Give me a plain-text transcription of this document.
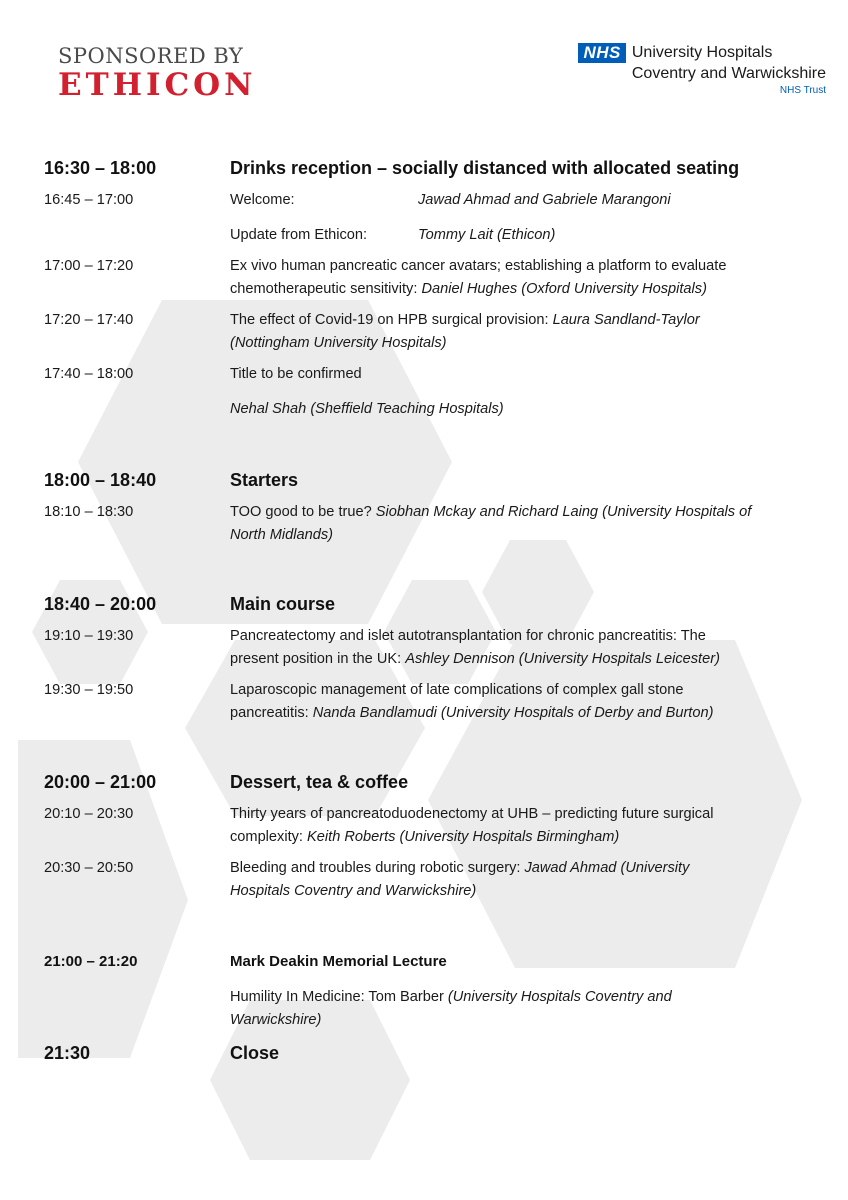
SPONSORED BY
ETHICON
NHS University Hospitals
Coventry and Warwickshire
NHS Trust
16:30 – 18:00	Drinks reception – socially distanced with allocated seating
16:45 – 17:00	Welcome:	Jawad Ahmad and Gabriele Marangoni
Update from Ethicon:	Tommy Lait (Ethicon)
17:00 – 17:20	Ex vivo human pancreatic cancer avatars; establishing a platform to evaluate
chemotherapeutic sensitivity: Daniel Hughes (Oxford University Hospitals)
17:20 – 17:40	The effect of Covid-19 on HPB surgical provision: Laura Sandland-Taylor
(Nottingham University Hospitals)
17:40 – 18:00	Title to be confirmed
Nehal Shah (Sheffield Teaching Hospitals)
18:00 – 18:40	Starters
18:10 – 18:30	TOO good to be true? Siobhan Mckay and Richard Laing (University Hospitals of
North Midlands)
18:40 – 20:00	Main course
19:10 – 19:30	Pancreatectomy and islet autotransplantation for chronic pancreatitis: The
present position in the UK: Ashley Dennison (University Hospitals Leicester)
19:30 – 19:50	Laparoscopic management of late complications of complex gall stone
pancreatitis: Nanda Bandlamudi (University Hospitals of Derby and Burton)
20:00 – 21:00	Dessert, tea & coffee
20:10 – 20:30	Thirty years of pancreatoduodenectomy at UHB – predicting future surgical
complexity: Keith Roberts (University Hospitals Birmingham)
20:30 – 20:50	Bleeding and troubles during robotic surgery: Jawad Ahmad (University
Hospitals Coventry and Warwickshire)
21:00 – 21:20	Mark Deakin Memorial Lecture
Humility In Medicine: Tom Barber (University Hospitals Coventry and
Warwickshire)
21:30	Close
